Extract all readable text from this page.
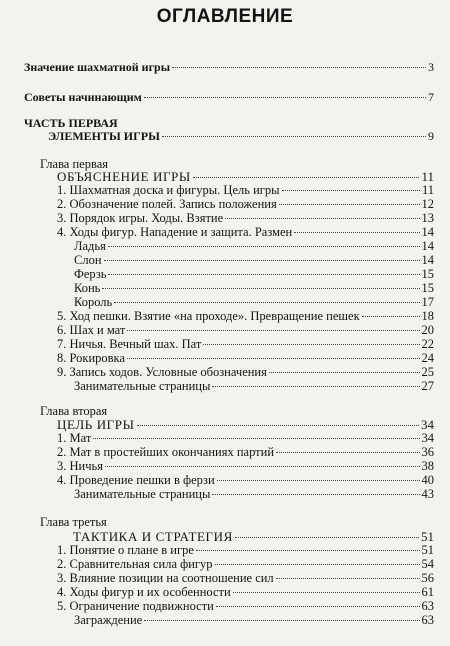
ОГЛАВЛЕНИЕ
Значение шахматной игры	3
Советы начинающим	7
ЧАСТЬ ПЕРВАЯ
ЭЛЕМЕНТЫ ИГРЫ	9
Глава первая
ОБЪЯСНЕНИЕ ИГРЫ	11
1. Шахматная доска и фигуры. Цель игры	11
2. Обозначение полей. Запись положения	12
3. Порядок игры. Ходы. Взятие	13
4. Ходы фигур. Нападение и защита. Размен	14
Ладья	14
Слон	14
Ферзь	15
Конь	15
Король	17
5. Ход пешки. Взятие «на проходе». Превращение пешек	18
6. Шах и мат	20
7. Ничья. Вечный шах. Пат	22
8. Рокировка	24
9. Запись ходов. Условные обозначения	25
Занимательные страницы	27
Глава вторая
ЦЕЛЬ ИГРЫ	34
1. Мат	34
2. Мат в простейших окончаниях партий	36
3. Ничья	38
4. Проведение пешки в ферзи	40
Занимательные страницы	43
Глава третья
ТАКТИКА И СТРАТЕГИЯ	51
1. Понятие о плане в игре	51
2. Сравнительная сила фигур	54
3. Влияние позиции на соотношение сил	56
4. Ходы фигур и их особенности	61
5. Ограничение подвижности	63
Заграждение	63
